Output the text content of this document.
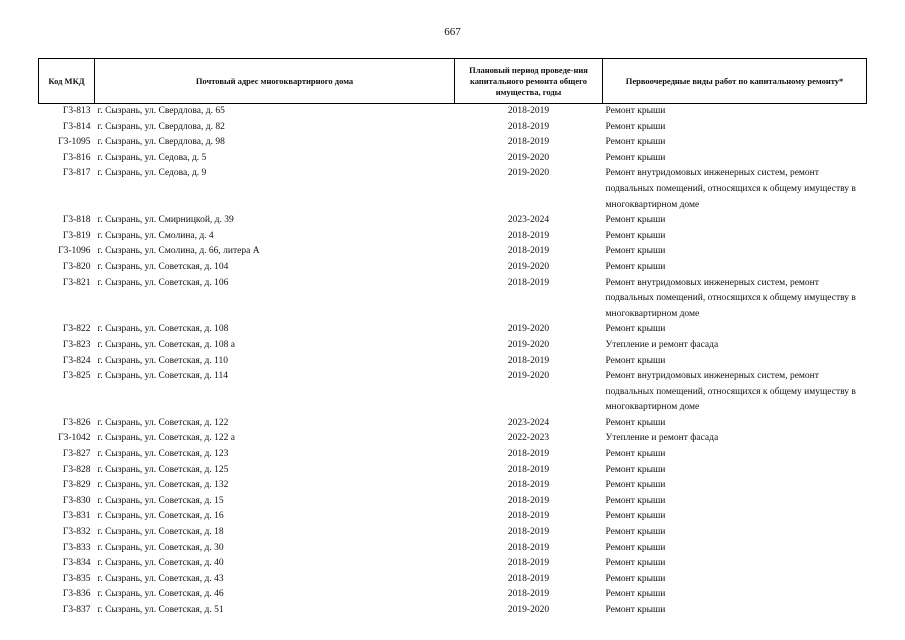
667
Код МКД	Почтовый адрес многоквартирного дома	Плановый период проведе-ния капитального ремонта общего имущества, годы	Первоочередные виды работ по капитальному ремонту*
Г3-813	г. Сызрань, ул. Свердлова, д. 65	2018-2019	Ремонт крыши
Г3-814	г. Сызрань, ул. Свердлова, д. 82	2018-2019	Ремонт крыши
Г3-1095	г. Сызрань, ул. Свердлова, д. 98	2018-2019	Ремонт крыши
Г3-816	г. Сызрань, ул. Седова, д. 5	2019-2020	Ремонт крыши
Г3-817	г. Сызрань, ул. Седова, д. 9	2019-2020	Ремонт внутридомовых инженерных систем, ремонт подвальных помещений, относящихся к общему имуществу в многоквартирном доме
Г3-818	г. Сызрань, ул. Смирницкой, д. 39	2023-2024	Ремонт крыши
Г3-819	г. Сызрань, ул. Смолина, д. 4	2018-2019	Ремонт крыши
Г3-1096	г. Сызрань, ул. Смолина, д. 66, литера А	2018-2019	Ремонт крыши
Г3-820	г. Сызрань, ул. Советская, д. 104	2019-2020	Ремонт крыши
Г3-821	г. Сызрань, ул. Советская, д. 106	2018-2019	Ремонт внутридомовых инженерных систем, ремонт подвальных помещений, относящихся к общему имуществу в многоквартирном доме
Г3-822	г. Сызрань, ул. Советская, д. 108	2019-2020	Ремонт крыши
Г3-823	г. Сызрань, ул. Советская, д. 108 а	2019-2020	Утепление и ремонт фасада
Г3-824	г. Сызрань, ул. Советская, д. 110	2018-2019	Ремонт крыши
Г3-825	г. Сызрань, ул. Советская, д. 114	2019-2020	Ремонт внутридомовых инженерных систем, ремонт подвальных помещений, относящихся к общему имуществу в многоквартирном доме
Г3-826	г. Сызрань, ул. Советская, д. 122	2023-2024	Ремонт крыши
Г3-1042	г. Сызрань, ул. Советская, д. 122 а	2022-2023	Утепление и ремонт фасада
Г3-827	г. Сызрань, ул. Советская, д. 123	2018-2019	Ремонт крыши
Г3-828	г. Сызрань, ул. Советская, д. 125	2018-2019	Ремонт крыши
Г3-829	г. Сызрань, ул. Советская, д. 132	2018-2019	Ремонт крыши
Г3-830	г. Сызрань, ул. Советская, д. 15	2018-2019	Ремонт крыши
Г3-831	г. Сызрань, ул. Советская, д. 16	2018-2019	Ремонт крыши
Г3-832	г. Сызрань, ул. Советская, д. 18	2018-2019	Ремонт крыши
Г3-833	г. Сызрань, ул. Советская, д. 30	2018-2019	Ремонт крыши
Г3-834	г. Сызрань, ул. Советская, д. 40	2018-2019	Ремонт крыши
Г3-835	г. Сызрань, ул. Советская, д. 43	2018-2019	Ремонт крыши
Г3-836	г. Сызрань, ул. Советская, д. 46	2018-2019	Ремонт крыши
Г3-837	г. Сызрань, ул. Советская, д. 51	2019-2020	Ремонт крыши
